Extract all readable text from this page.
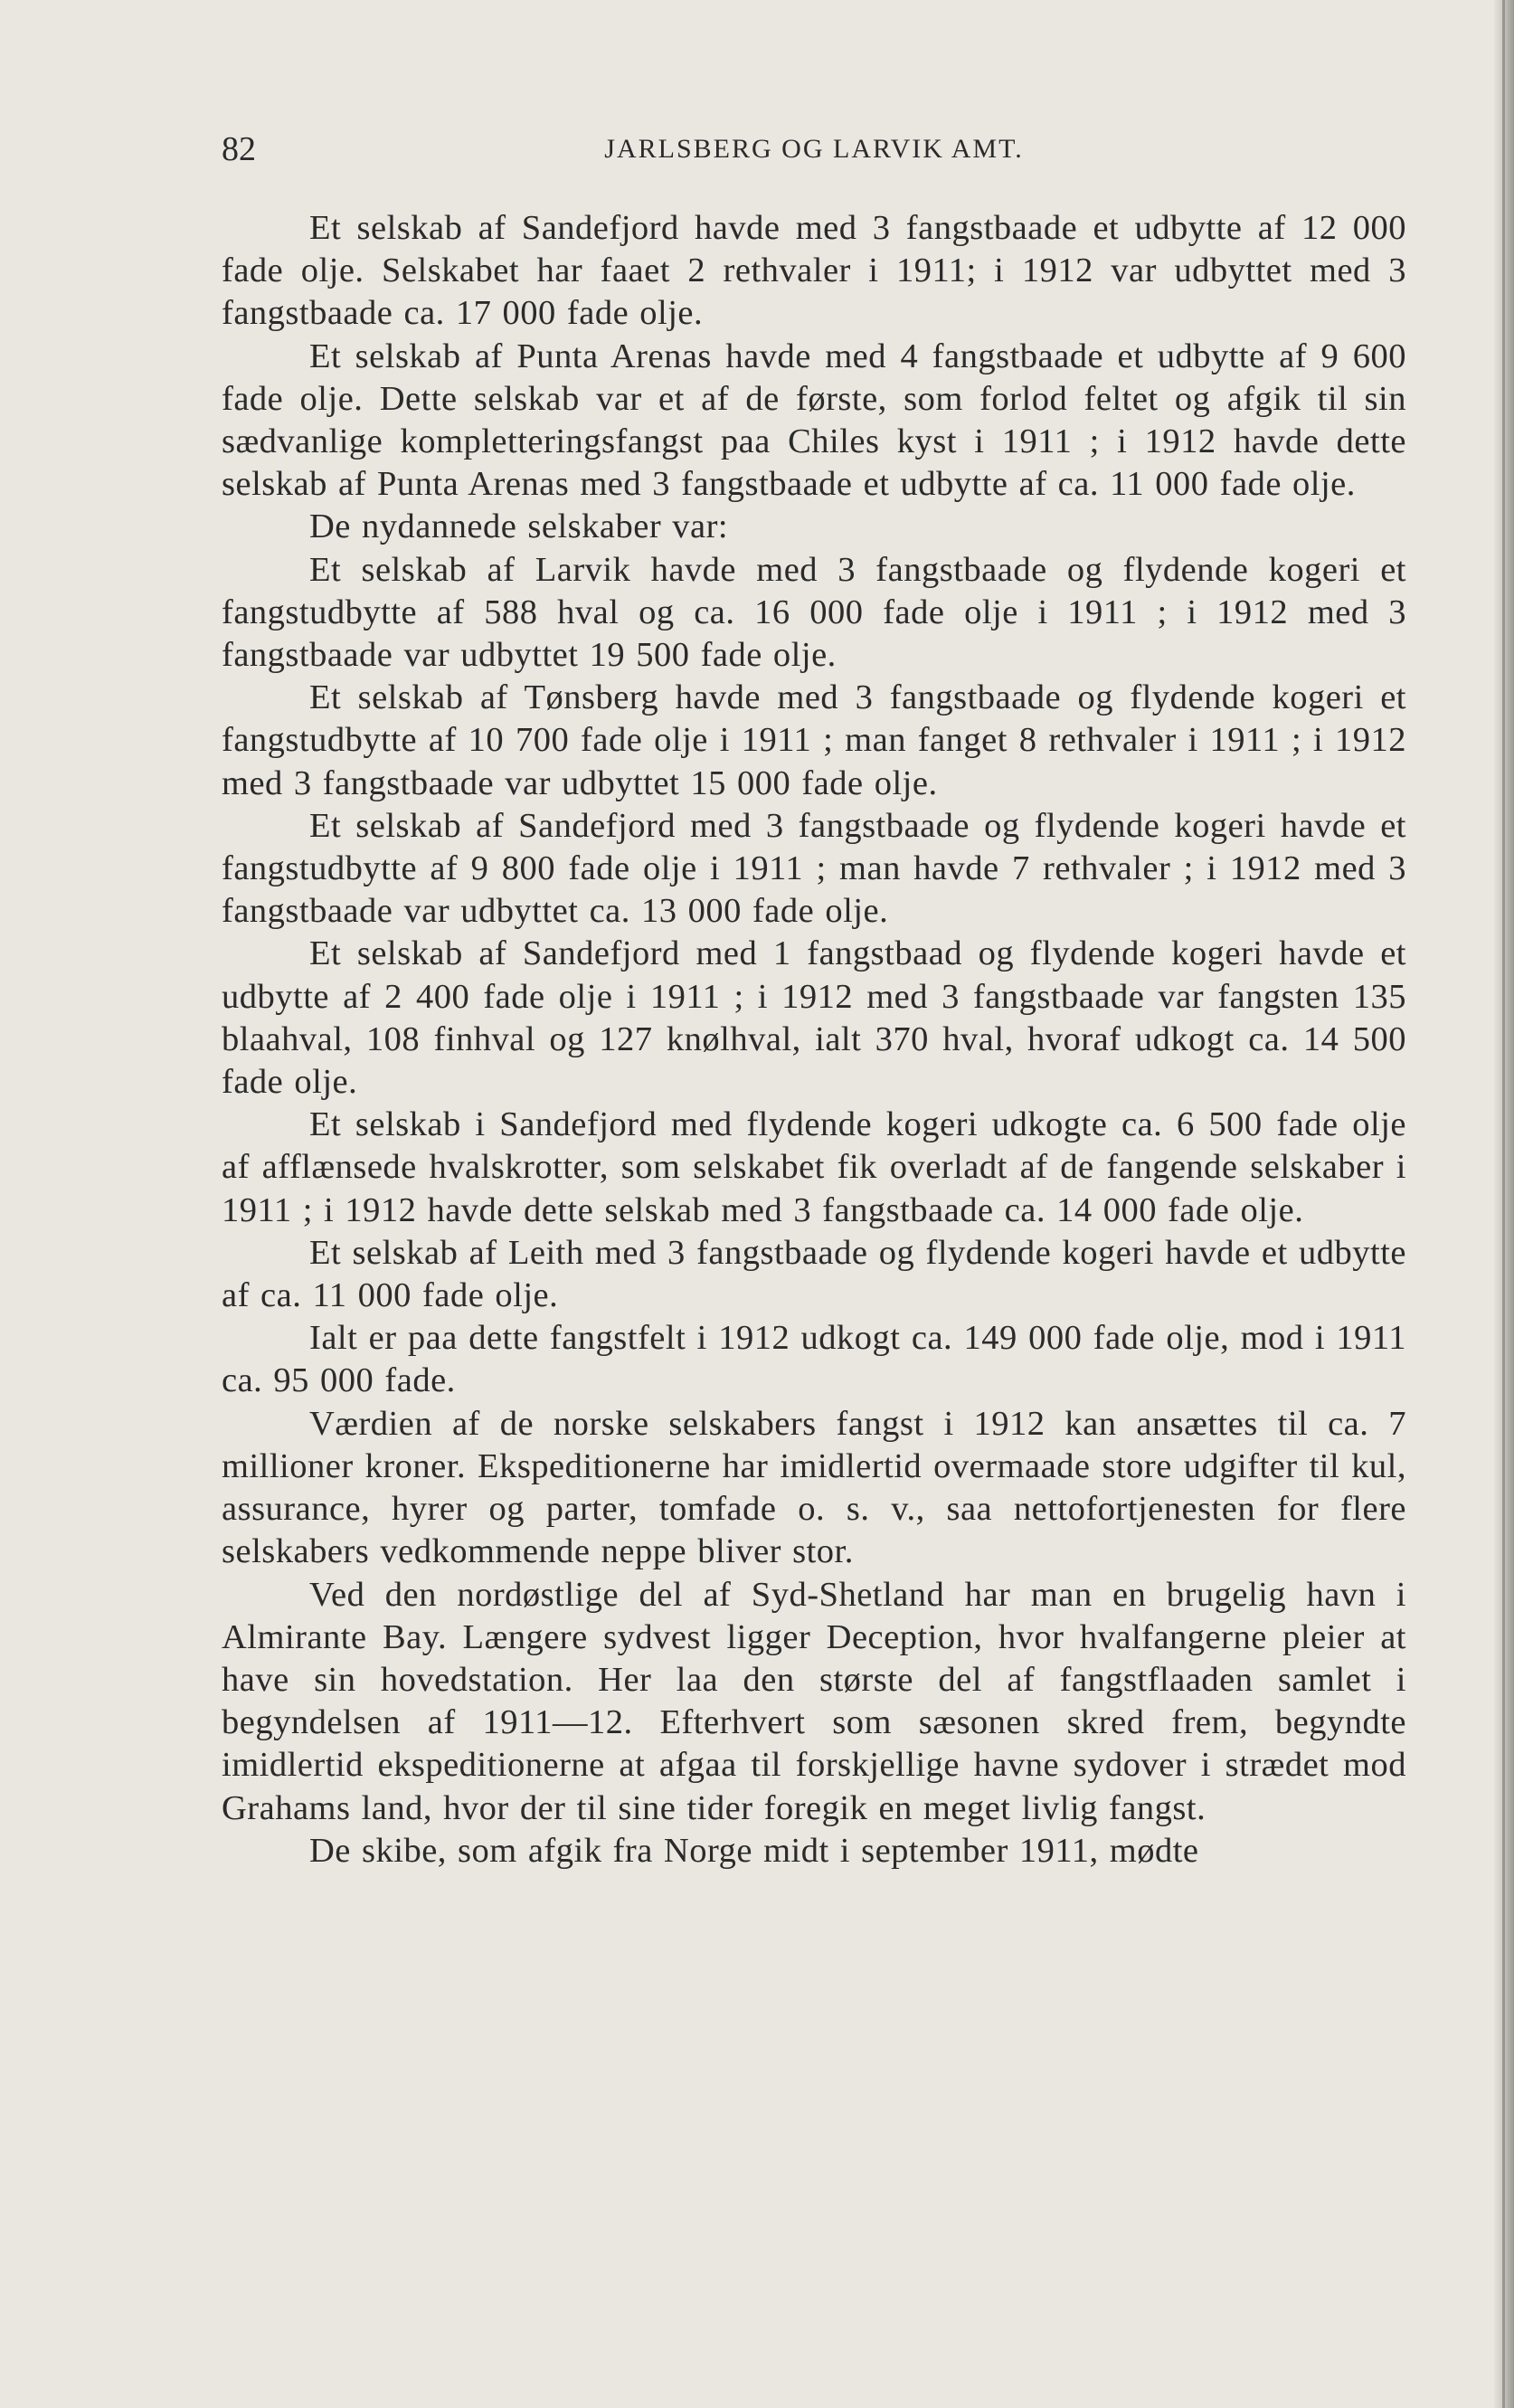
JARLSBERG OG LARVIK AMT.
82

Et selskab af Sandefjord havde med 3 fangstbaade et udbytte af 12 000 fade olje. Selskabet har faaet 2 rethvaler i 1911; i 1912 var udbyttet med 3 fangstbaade ca. 17 000 fade olje.

Et selskab af Punta Arenas havde med 4 fangstbaade et udbytte af 9 600 fade olje. Dette selskab var et af de første, som forlod feltet og afgik til sin sædvanlige kompletteringsfangst paa Chiles kyst i 1911 ; i 1912 havde dette selskab af Punta Arenas med 3 fangstbaade et udbytte af ca. 11 000 fade olje.

De nydannede selskaber var:

Et selskab af Larvik havde med 3 fangstbaade og flydende kogeri et fangstudbytte af 588 hval og ca. 16 000 fade olje i 1911 ; i 1912 med 3 fangstbaade var udbyttet 19 500 fade olje.

Et selskab af Tønsberg havde med 3 fangstbaade og flydende kogeri et fangstudbytte af 10 700 fade olje i 1911 ; man fanget 8 rethvaler i 1911 ; i 1912 med 3 fangstbaade var udbyttet 15 000 fade olje.

Et selskab af Sandefjord med 3 fangstbaade og flydende kogeri havde et fangstudbytte af 9 800 fade olje i 1911 ; man havde 7 rethvaler ; i 1912 med 3 fangstbaade var udbyttet ca. 13 000 fade olje.

Et selskab af Sandefjord med 1 fangstbaad og flydende kogeri havde et udbytte af 2 400 fade olje i 1911 ; i 1912 med 3 fangstbaade var fangsten 135 blaahval, 108 finhval og 127 knølhval, ialt 370 hval, hvoraf udkogt ca. 14 500 fade olje.

Et selskab i Sandefjord med flydende kogeri udkogte ca. 6 500 fade olje af afflænsede hvalskrotter, som selskabet fik overladt af de fangende selskaber i 1911 ; i 1912 havde dette selskab med 3 fangstbaade ca. 14 000 fade olje.

Et selskab af Leith med 3 fangstbaade og flydende kogeri havde et udbytte af ca. 11 000 fade olje.

Ialt er paa dette fangstfelt i 1912 udkogt ca. 149 000 fade olje, mod i 1911 ca. 95 000 fade.

Værdien af de norske selskabers fangst i 1912 kan ansættes til ca. 7 millioner kroner. Ekspeditionerne har imidlertid overmaade store udgifter til kul, assurance, hyrer og parter, tomfade o. s. v., saa nettofortjenesten for flere selskabers vedkommende neppe bliver stor.

Ved den nordøstlige del af Syd-Shetland har man en brugelig havn i Almirante Bay. Længere sydvest ligger Deception, hvor hvalfangerne pleier at have sin hovedstation. Her laa den største del af fangstflaaden samlet i begyndelsen af 1911—12. Efterhvert som sæsonen skred frem, begyndte imidlertid ekspeditionerne at afgaa til forskjellige havne sydover i strædet mod Grahams land, hvor der til sine tider foregik en meget livlig fangst.

De skibe, som afgik fra Norge midt i september 1911, mødte
